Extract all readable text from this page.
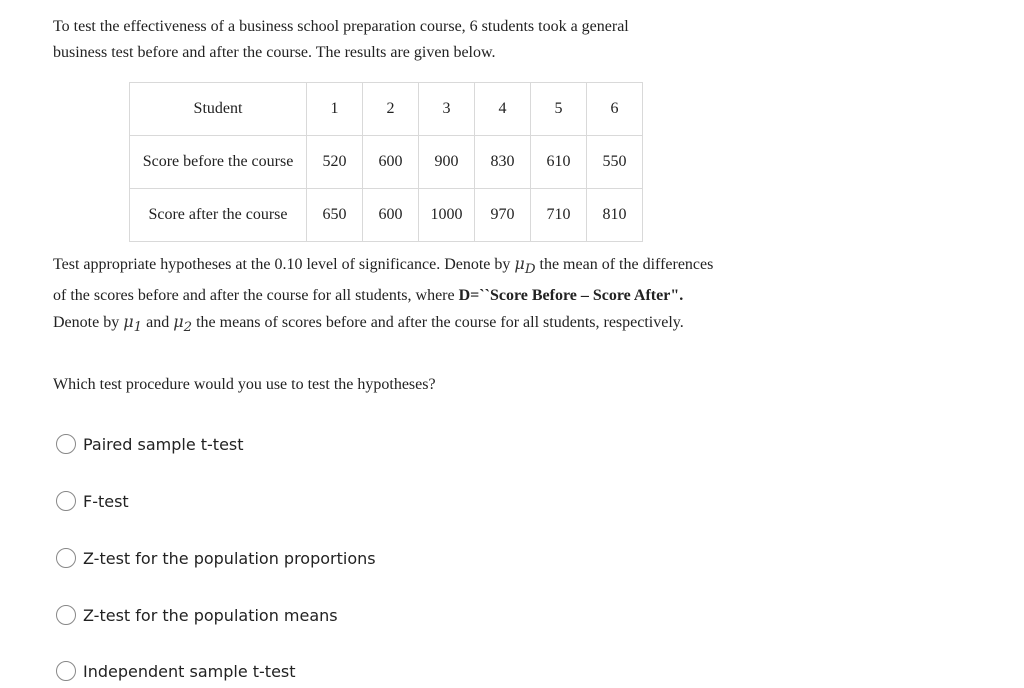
To test the effectiveness of a business school preparation course, 6 students took a general
business test before and after the course. The results are given below.
Student	1	2	3	4	5	6
Score before the course	520	600	900	830	610	550
Score after the course	650	600	1000	970	710	810
Test appropriate hypotheses at the 0.10 level of significance. Denote by $\mu_D$ the mean of the differences of the scores before and after the course for all students, where D=``Score Before – Score After". Denote by $\mu_1$ and $\mu_2$ the means of scores before and after the course for all students, respectively.
Which test procedure would you use to test the hypotheses?
Paired sample t-test
F-test
Z-test for the population proportions
Z-test for the population means
Independent sample t-test
